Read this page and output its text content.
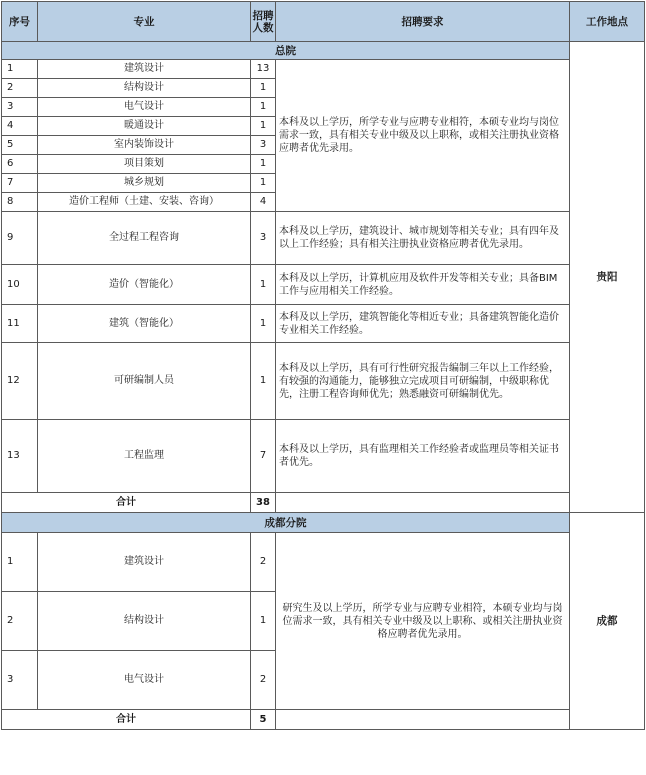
序号	专业	招聘人数	招聘要求	工作地点
总院				贵阳
1	建筑设计	13	本科及以上学历，所学专业与应聘专业相符，本硕专业均与岗位需求一致，具有相关专业中级及以上职称，或相关注册执业资格应聘者优先录用。	
2	结构设计	1		
3	电气设计	1		
4	暖通设计	1		
5	室内装饰设计	3		
6	项目策划	1		
7	城乡规划	1		
8	造价工程师（土建、安装、咨询）	4		
9	全过程工程咨询	3	本科及以上学历，建筑设计、城市规划等相关专业；具有四年及以上工作经验；具有相关注册执业资格应聘者优先录用。	
10	造价（智能化）	1	本科及以上学历，计算机应用及软件开发等相关专业；具备BIM工作与应用相关工作经验。	
11	建筑（智能化）	1	本科及以上学历，建筑智能化等相近专业；具备建筑智能化造价专业相关工作经验。	
12	可研编制人员	1	本科及以上学历，具有可行性研究报告编制三年以上工作经验，有较强的沟通能力，能够独立完成项目可研编制，中级职称优先，注册工程咨询师优先；熟悉融资可研编制优先。	
13	工程监理	7	本科及以上学历，具有监理相关工作经验者或监理员等相关证书者优先。	
合计		38		
成都分院				成都
1	建筑设计	2	研究生及以上学历，所学专业与应聘专业相符，本硕专业均与岗位需求一致，具有相关专业中级及以上职称、或相关注册执业资格应聘者优先录用。	
2	结构设计	1		
3	电气设计	2		
合计		5		
